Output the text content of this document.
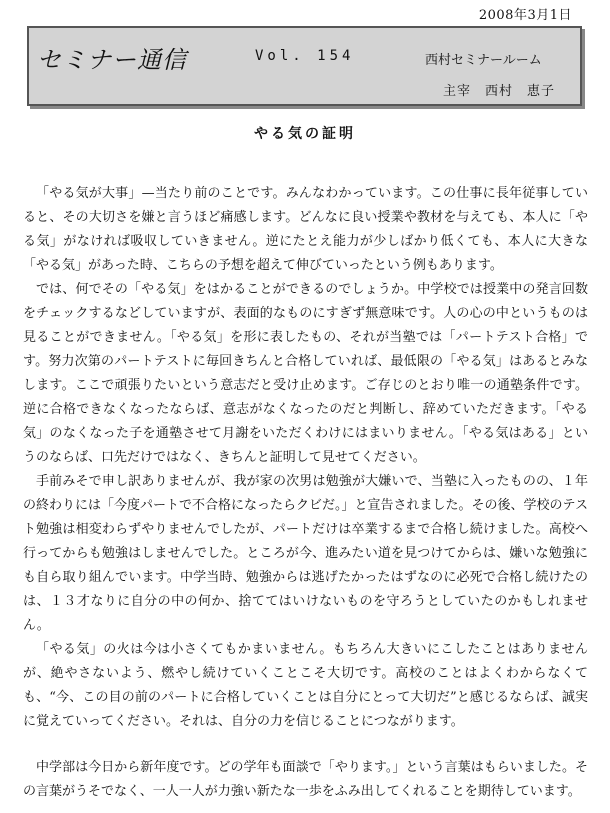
2008年3月1日
セミナー通信	Vol. 154	西村セミナールーム
主宰　西村　恵子
やる気の証明

「やる気が大事」—当たり前のことです。みんなわかっています。この仕事に長年従事していると、その大切さを嫌と言うほど痛感します。どんなに良い授業や教材を与えても、本人に「やる気」がなければ吸収していきません。逆にたとえ能力が少しばかり低くても、本人に大きな「やる気」があった時、こちらの予想を超えて伸びていったという例もあります。

では、何でその「やる気」をはかることができるのでしょうか。中学校では授業中の発言回数をチェックするなどしていますが、表面的なものにすぎず無意味です。人の心の中というものは見ることができません。「やる気」を形に表したもの、それが当塾では「パートテスト合格」です。努力次第のパートテストに毎回きちんと合格していれば、最低限の「やる気」はあるとみなします。ここで頑張りたいという意志だと受け止めます。ご存じのとおり唯一の通塾条件です。逆に合格できなくなったならば、意志がなくなったのだと判断し、辞めていただきます。「やる気」のなくなった子を通塾させて月謝をいただくわけにはまいりません。「やる気はある」というのならば、口先だけではなく、きちんと証明して見せてください。

手前みそで申し訳ありませんが、我が家の次男は勉強が大嫌いで、当塾に入ったものの、１年の終わりには「今度パートで不合格になったらクビだ。」と宣告されました。その後、学校のテスト勉強は相変わらずやりませんでしたが、パートだけは卒業するまで合格し続けました。高校へ行ってからも勉強はしませんでした。ところが今、進みたい道を見つけてからは、嫌いな勉強にも自ら取り組んでいます。中学当時、勉強からは逃げたかったはずなのに必死で合格し続けたのは、１３才なりに自分の中の何か、捨ててはいけないものを守ろうとしていたのかもしれません。

「やる気」の火は今は小さくてもかまいません。もちろん大きいにこしたことはありませんが、絶やさないよう、燃やし続けていくことこそ大切です。高校のことはよくわからなくても、“今、この目の前のパートに合格していくことは自分にとって大切だ”と感じるならば、誠実に覚えていってください。それは、自分の力を信じることにつながります。

中学部は今日から新年度です。どの学年も面談で「やります。」という言葉はもらいました。その言葉がうそでなく、一人一人が力強い新たな一歩をふみ出してくれることを期待しています。
